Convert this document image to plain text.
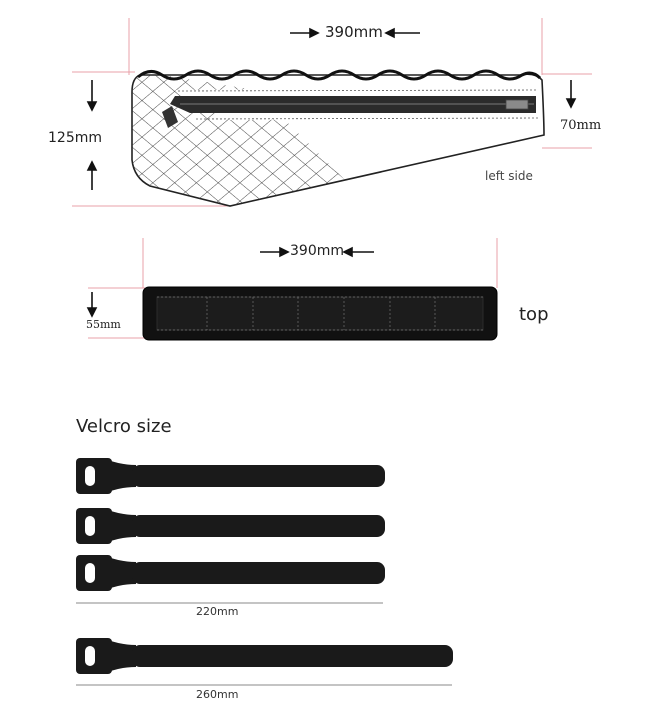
390mm
125mm
70mm
left side
390mm
55mm	top
Velcro size
220mm
260mm
